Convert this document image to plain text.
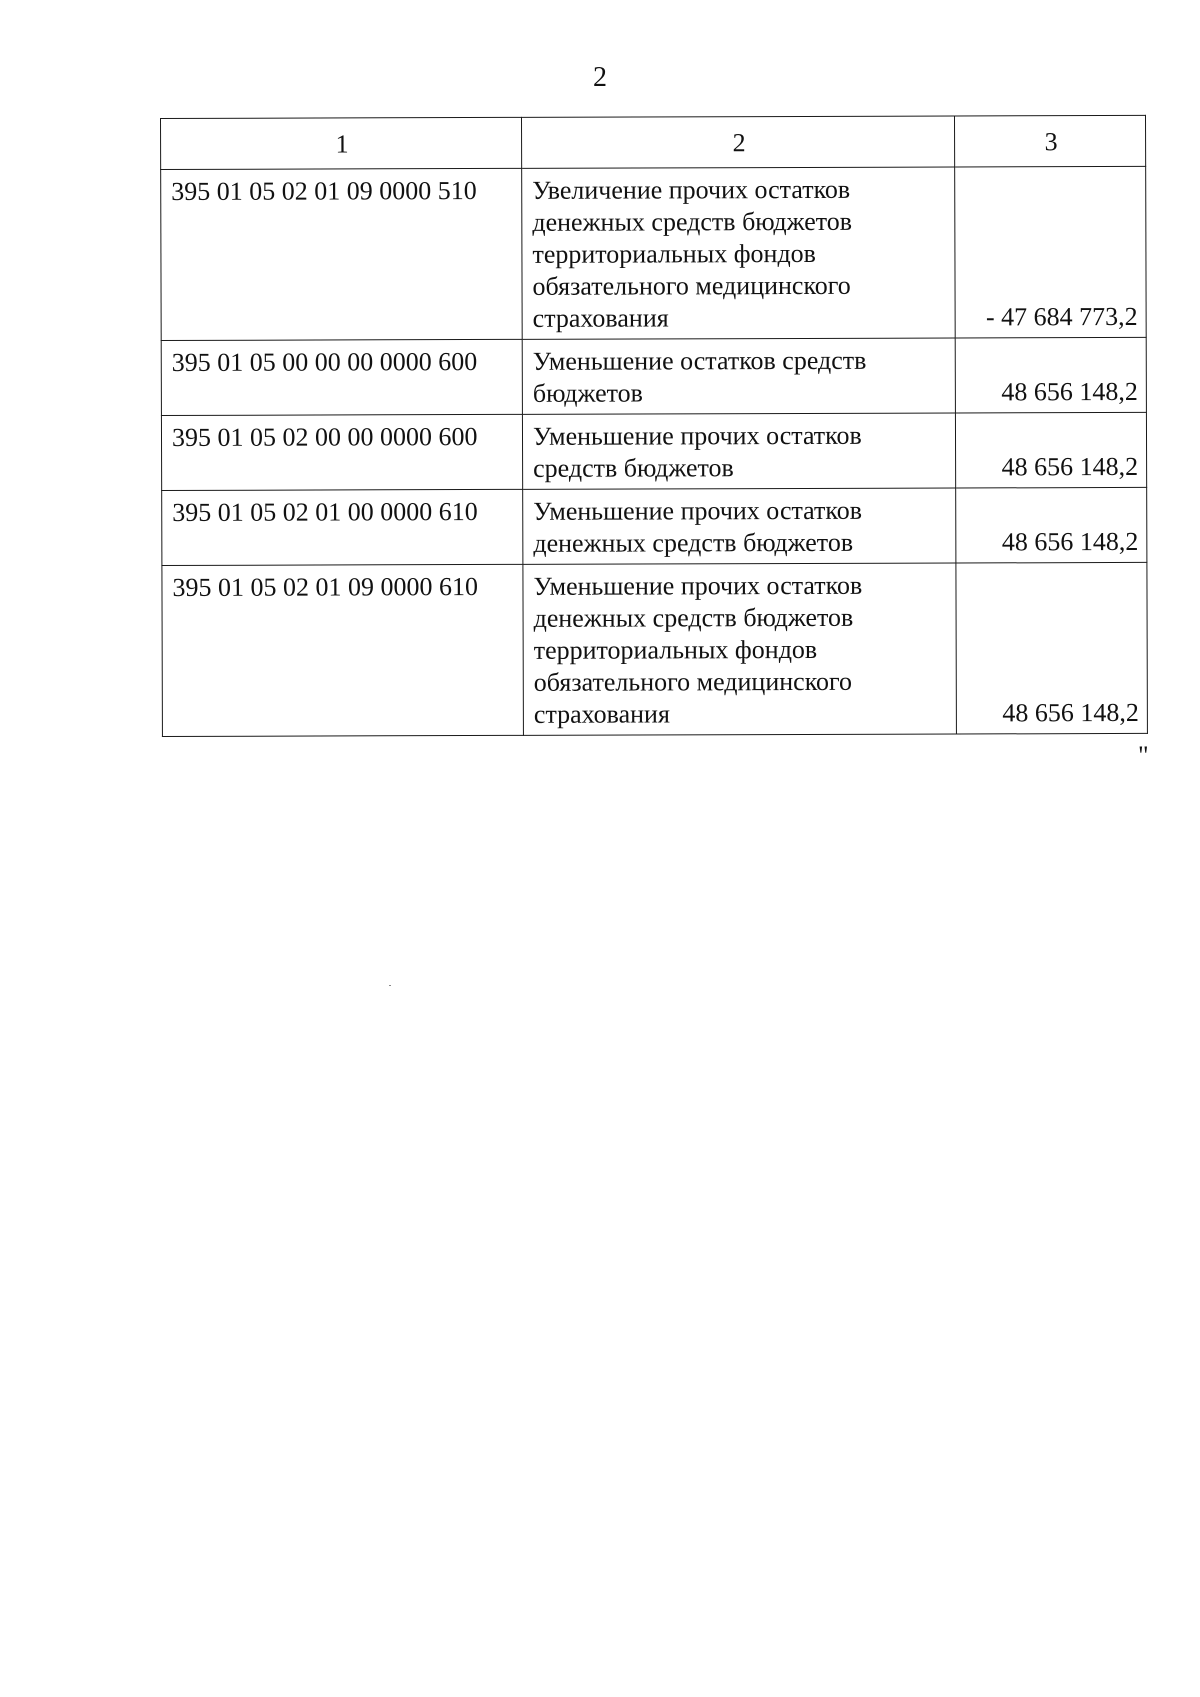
2
1	2	3
395 01 05 02 01 09 0000 510	Увеличение прочих остатков
денежных средств бюджетов
территориальных фондов
обязательного медицинского
страхования	- 47 684 773,2
395 01 05 00 00 00 0000 600	Уменьшение остатков средств
бюджетов	48 656 148,2
395 01 05 02 00 00 0000 600	Уменьшение прочих остатков
средств бюджетов	48 656 148,2
395 01 05 02 01 00 0000 610	Уменьшение прочих остатков
денежных средств бюджетов	48 656 148,2
395 01 05 02 01 09 0000 610	Уменьшение прочих остатков
денежных средств бюджетов
территориальных фондов
обязательного медицинского
страхования	48 656 148,2
"
